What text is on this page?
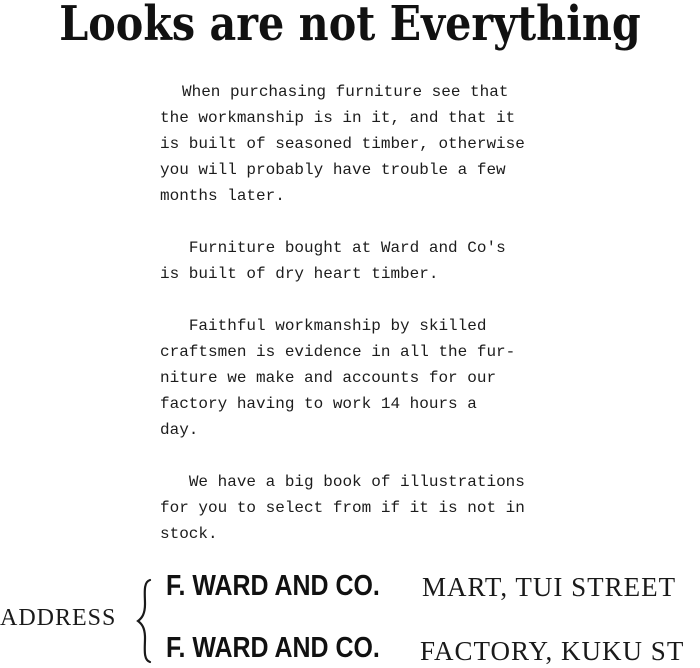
Looks are not Everything

When purchasing furniture see that
the workmanship is in it, and that it
is built of seasoned timber, otherwise
you will probably have trouble a few
months later.

Furniture bought at Ward and Co's
is built of dry heart timber.

Faithful workmanship by skilled
craftsmen is evidence in all the fur-
niture we make and accounts for our
factory having to work 14 hours a
day.

We have a big book of illustrations
for you to select from if it is not in
stock.

ADDRESS
F. WARD AND CO. MART, TUI STREET
F. WARD AND CO. FACTORY, KUKU ST
